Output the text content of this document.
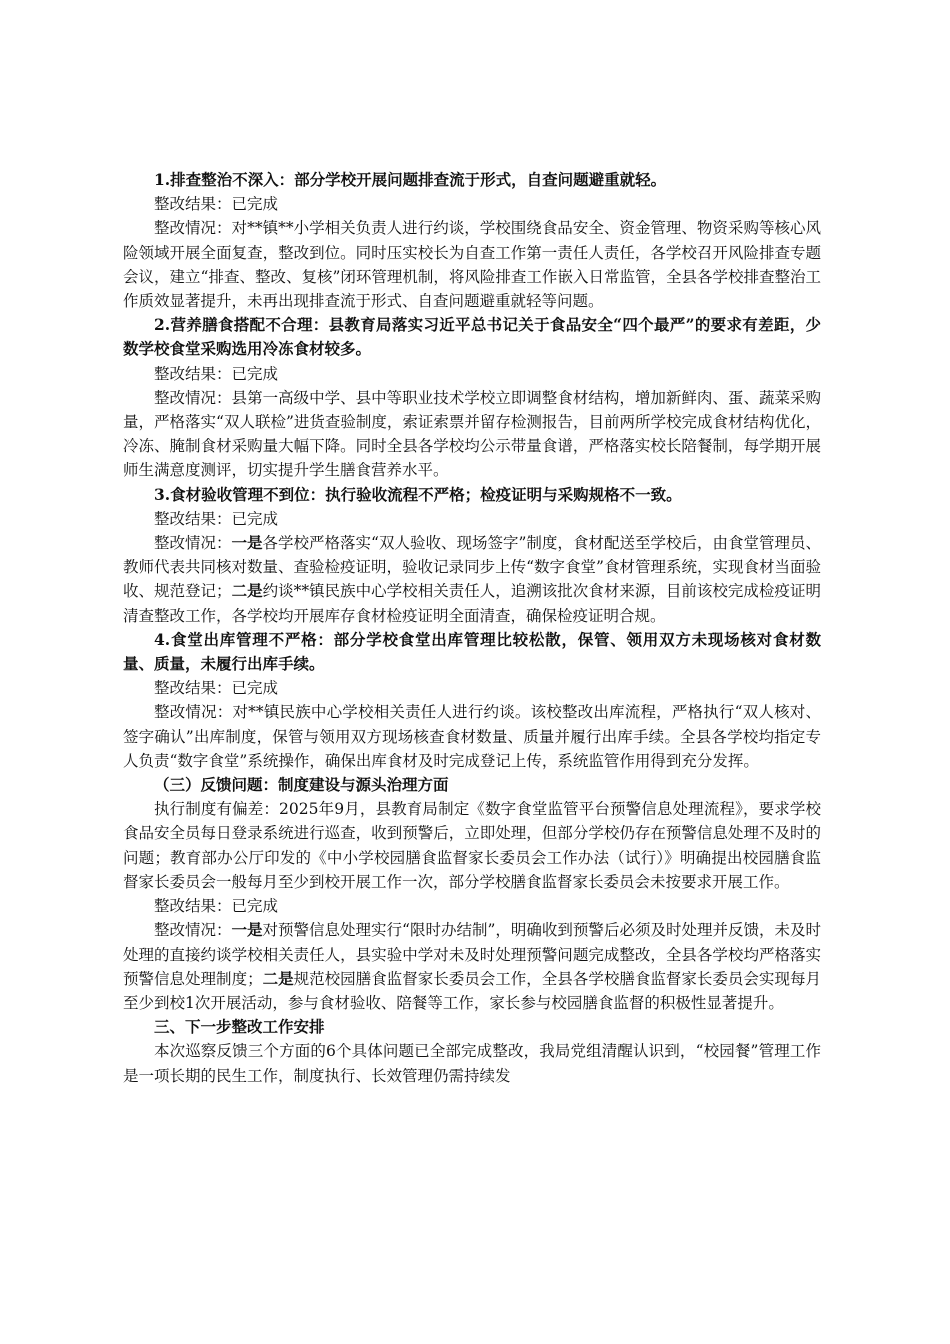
1.排查整治不深入：部分学校开展问题排查流于形式，自查问题避重就轻。

整改结果：已完成

整改情况：对**镇**小学相关负责人进行约谈，学校围绕食品安全、资金管理、物资采购等核心风险领域开展全面复查，整改到位。同时压实校长为自查工作第一责任人责任，各学校召开风险排查专题会议，建立“排查、整改、复核”闭环管理机制，将风险排查工作嵌入日常监管，全县各学校排查整治工作质效显著提升，未再出现排查流于形式、自查问题避重就轻等问题。

2.营养膳食搭配不合理：县教育局落实习近平总书记关于食品安全“四个最严”的要求有差距，少数学校食堂采购选用冷冻食材较多。

整改结果：已完成

整改情况：县第一高级中学、县中等职业技术学校立即调整食材结构，增加新鲜肉、蛋、蔬菜采购量，严格落实“双人联检”进货查验制度，索证索票并留存检测报告，目前两所学校完成食材结构优化，冷冻、腌制食材采购量大幅下降。同时全县各学校均公示带量食谱，严格落实校长陪餐制，每学期开展师生满意度测评，切实提升学生膳食营养水平。

3.食材验收管理不到位：执行验收流程不严格；检疫证明与采购规格不一致。

整改结果：已完成

整改情况：一是各学校严格落实“双人验收、现场签字”制度，食材配送至学校后，由食堂管理员、教师代表共同核对数量、查验检疫证明，验收记录同步上传“数字食堂”食材管理系统，实现食材当面验收、规范登记；二是约谈**镇民族中心学校相关责任人，追溯该批次食材来源，目前该校完成检疫证明清查整改工作，各学校均开展库存食材检疫证明全面清查，确保检疫证明合规。

4.食堂出库管理不严格：部分学校食堂出库管理比较松散，保管、领用双方未现场核对食材数量、质量，未履行出库手续。

整改结果：已完成

整改情况：对**镇民族中心学校相关责任人进行约谈。该校整改出库流程，严格执行“双人核对、签字确认”出库制度，保管与领用双方现场核查食材数量、质量并履行出库手续。全县各学校均指定专人负责“数字食堂”系统操作，确保出库食材及时完成登记上传，系统监管作用得到充分发挥。

（三）反馈问题：制度建设与源头治理方面

执行制度有偏差：2025年9月，县教育局制定《数字食堂监管平台预警信息处理流程》，要求学校食品安全员每日登录系统进行巡查，收到预警后，立即处理，但部分学校仍存在预警信息处理不及时的问题；教育部办公厅印发的《中小学校园膳食监督家长委员会工作办法（试行）》明确提出校园膳食监督家长委员会一般每月至少到校开展工作一次，部分学校膳食监督家长委员会未按要求开展工作。

整改结果：已完成

整改情况：一是对预警信息处理实行“限时办结制”，明确收到预警后必须及时处理并反馈，未及时处理的直接约谈学校相关责任人，县实验中学对未及时处理预警问题完成整改，全县各学校均严格落实预警信息处理制度；二是规范校园膳食监督家长委员会工作，全县各学校膳食监督家长委员会实现每月至少到校1次开展活动，参与食材验收、陪餐等工作，家长参与校园膳食监督的积极性显著提升。

三、下一步整改工作安排

本次巡察反馈三个方面的6个具体问题已全部完成整改，我局党组清醒认识到，“校园餐”管理工作是一项长期的民生工作，制度执行、长效管理仍需持续发
